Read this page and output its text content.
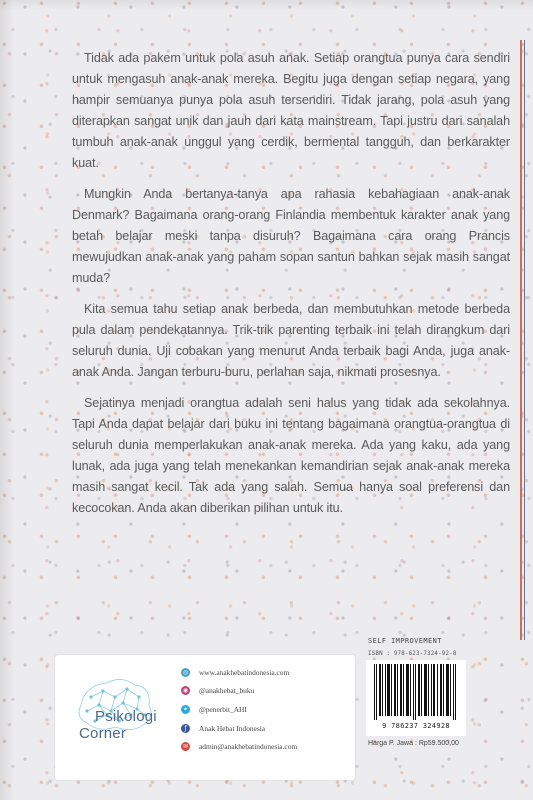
Tidak ada pakem untuk pola asuh anak. Setiap orangtua punya cara sendiri untuk mengasuh anak-anak mereka. Begitu juga dengan setiap negara, yang hampir semuanya punya pola asuh tersendiri. Tidak jarang, pola asuh yang diterapkan sangat unik dan jauh dari kata mainstream. Tapi justru dari sanalah tumbuh anak-anak unggul yang cerdik, bermental tangguh, dan berkarakter kuat.

Mungkin Anda bertanya-tanya apa rahasia kebahagiaan anak-anak Denmark? Bagaimana orang-orang Finlandia membentuk karakter anak yang betah belajar meski tanpa disuruh? Bagaimana cara orang Prancis mewujudkan anak-anak yang paham sopan santun bahkan sejak masih sangat muda?

Kita semua tahu setiap anak berbeda, dan membutuhkan metode berbeda pula dalam pendekatannya. Trik-trik parenting terbaik ini telah dirangkum dari seluruh dunia. Uji cobakan yang menurut Anda terbaik bagi Anda, juga anak-anak Anda. Jangan terburu-buru, perlahan saja, nikmati prosesnya.

Sejatinya menjadi orangtua adalah seni halus yang tidak ada sekolahnya. Tapi Anda dapat belajar dari buku ini tentang bagaimana orangtua-orangtua di seluruh dunia memperlakukan anak-anak mereka. Ada yang kaku, ada yang lunak, ada juga yang telah menekankan kemandirian sejak anak-anak mereka masih sangat kecil. Tak ada yang salah. Semua hanya soal preferensi dan kecocokan. Anda akan diberikan pilihan untuk itu.

Psikologi
Corner
◎ www.anakhebatindonesia.com
◉ @anakhebat_buku
✦ @penerbit_AHI
ƒ	Anak Hebat Indonesia
✉ admin@anakhebatindonesia.com
SELF IMPROVEMENT
ISBN : 978-623-7324-92-8
9 786237 324928
Harga P. Jawa : Rp59.500,00
